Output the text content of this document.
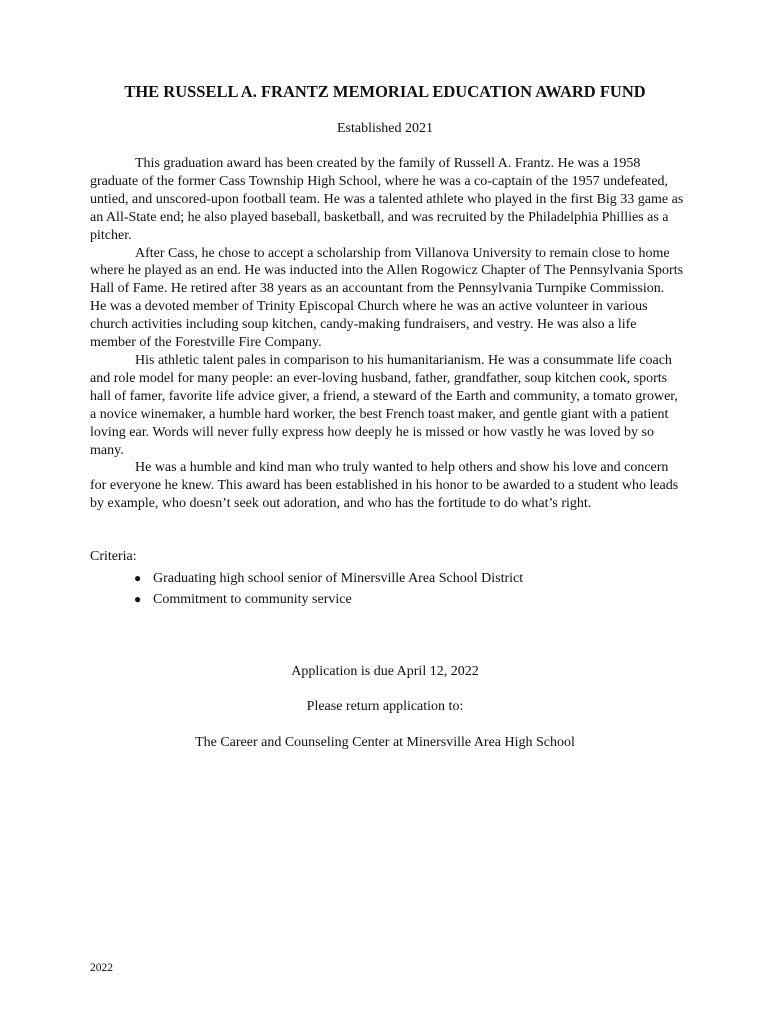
THE RUSSELL A. FRANTZ MEMORIAL EDUCATION AWARD FUND

Established 2021

This graduation award has been created by the family of Russell A. Frantz. He was a 1958 graduate of the former Cass Township High School, where he was a co-captain of the 1957 undefeated, untied, and unscored-upon football team. He was a talented athlete who played in the first Big 33 game as an All-State end; he also played baseball, basketball, and was recruited by the Philadelphia Phillies as a pitcher.

After Cass, he chose to accept a scholarship from Villanova University to remain close to home where he played as an end. He was inducted into the Allen Rogowicz Chapter of The Pennsylvania Sports Hall of Fame. He retired after 38 years as an accountant from the Pennsylvania Turnpike Commission. He was a devoted member of Trinity Episcopal Church where he was an active volunteer in various church activities including soup kitchen, candy-making fundraisers, and vestry. He was also a life member of the Forestville Fire Company.

His athletic talent pales in comparison to his humanitarianism. He was a consummate life coach and role model for many people: an ever-loving husband, father, grandfather, soup kitchen cook, sports hall of famer, favorite life advice giver, a friend, a steward of the Earth and community, a tomato grower, a novice winemaker, a humble hard worker, the best French toast maker, and gentle giant with a patient loving ear. Words will never fully express how deeply he is missed or how vastly he was loved by so many.

He was a humble and kind man who truly wanted to help others and show his love and concern for everyone he knew. This award has been established in his honor to be awarded to a student who leads by example, who doesn’t seek out adoration, and who has the fortitude to do what’s right.

Criteria:

● Graduating high school senior of Minersville Area School District
● Commitment to community service

Application is due April 12, 2022

Please return application to:

The Career and Counseling Center at Minersville Area High School

2022
